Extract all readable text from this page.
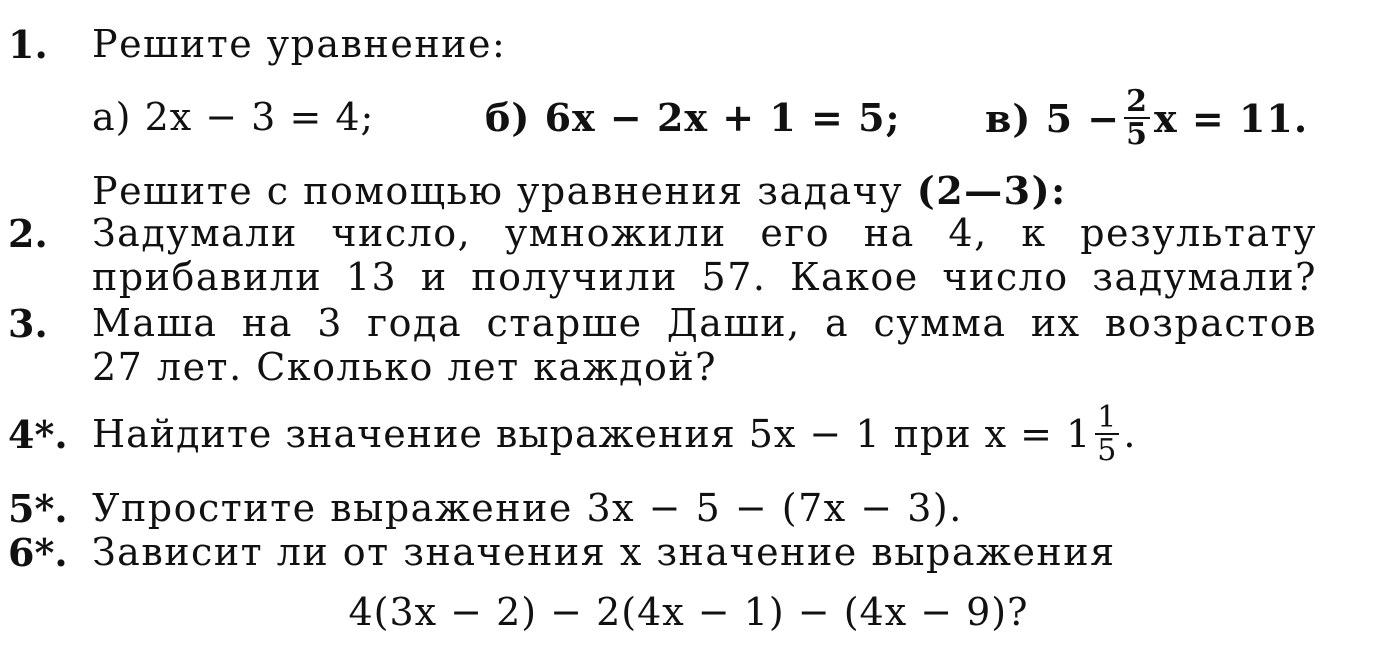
1. Решите уравнение:
а) 2x − 3 = 4;	б) 6x − 2x + 1 = 5; в)
$5 - \frac{2}{5}$ x = 11.
Решите с помощью уравнения задачу (2—3):
2. Задумали число, умножили его на 4, к результату
прибавили 13 и получили 57. Какое число задумали?
3. Маша на 3 года старше Даши, а сумма их возрастов
27 лет. Сколько лет каждой?
4*. Найдите значение выражения 5x − 1 при $x = 1 \frac{1}{5}$ .
5*. Упростите выражение 3x − 5 − (7x − 3).
6*. Зависит ли от значения x значение выражения
4(3x − 2) − 2(4x − 1) − (4x − 9)?
